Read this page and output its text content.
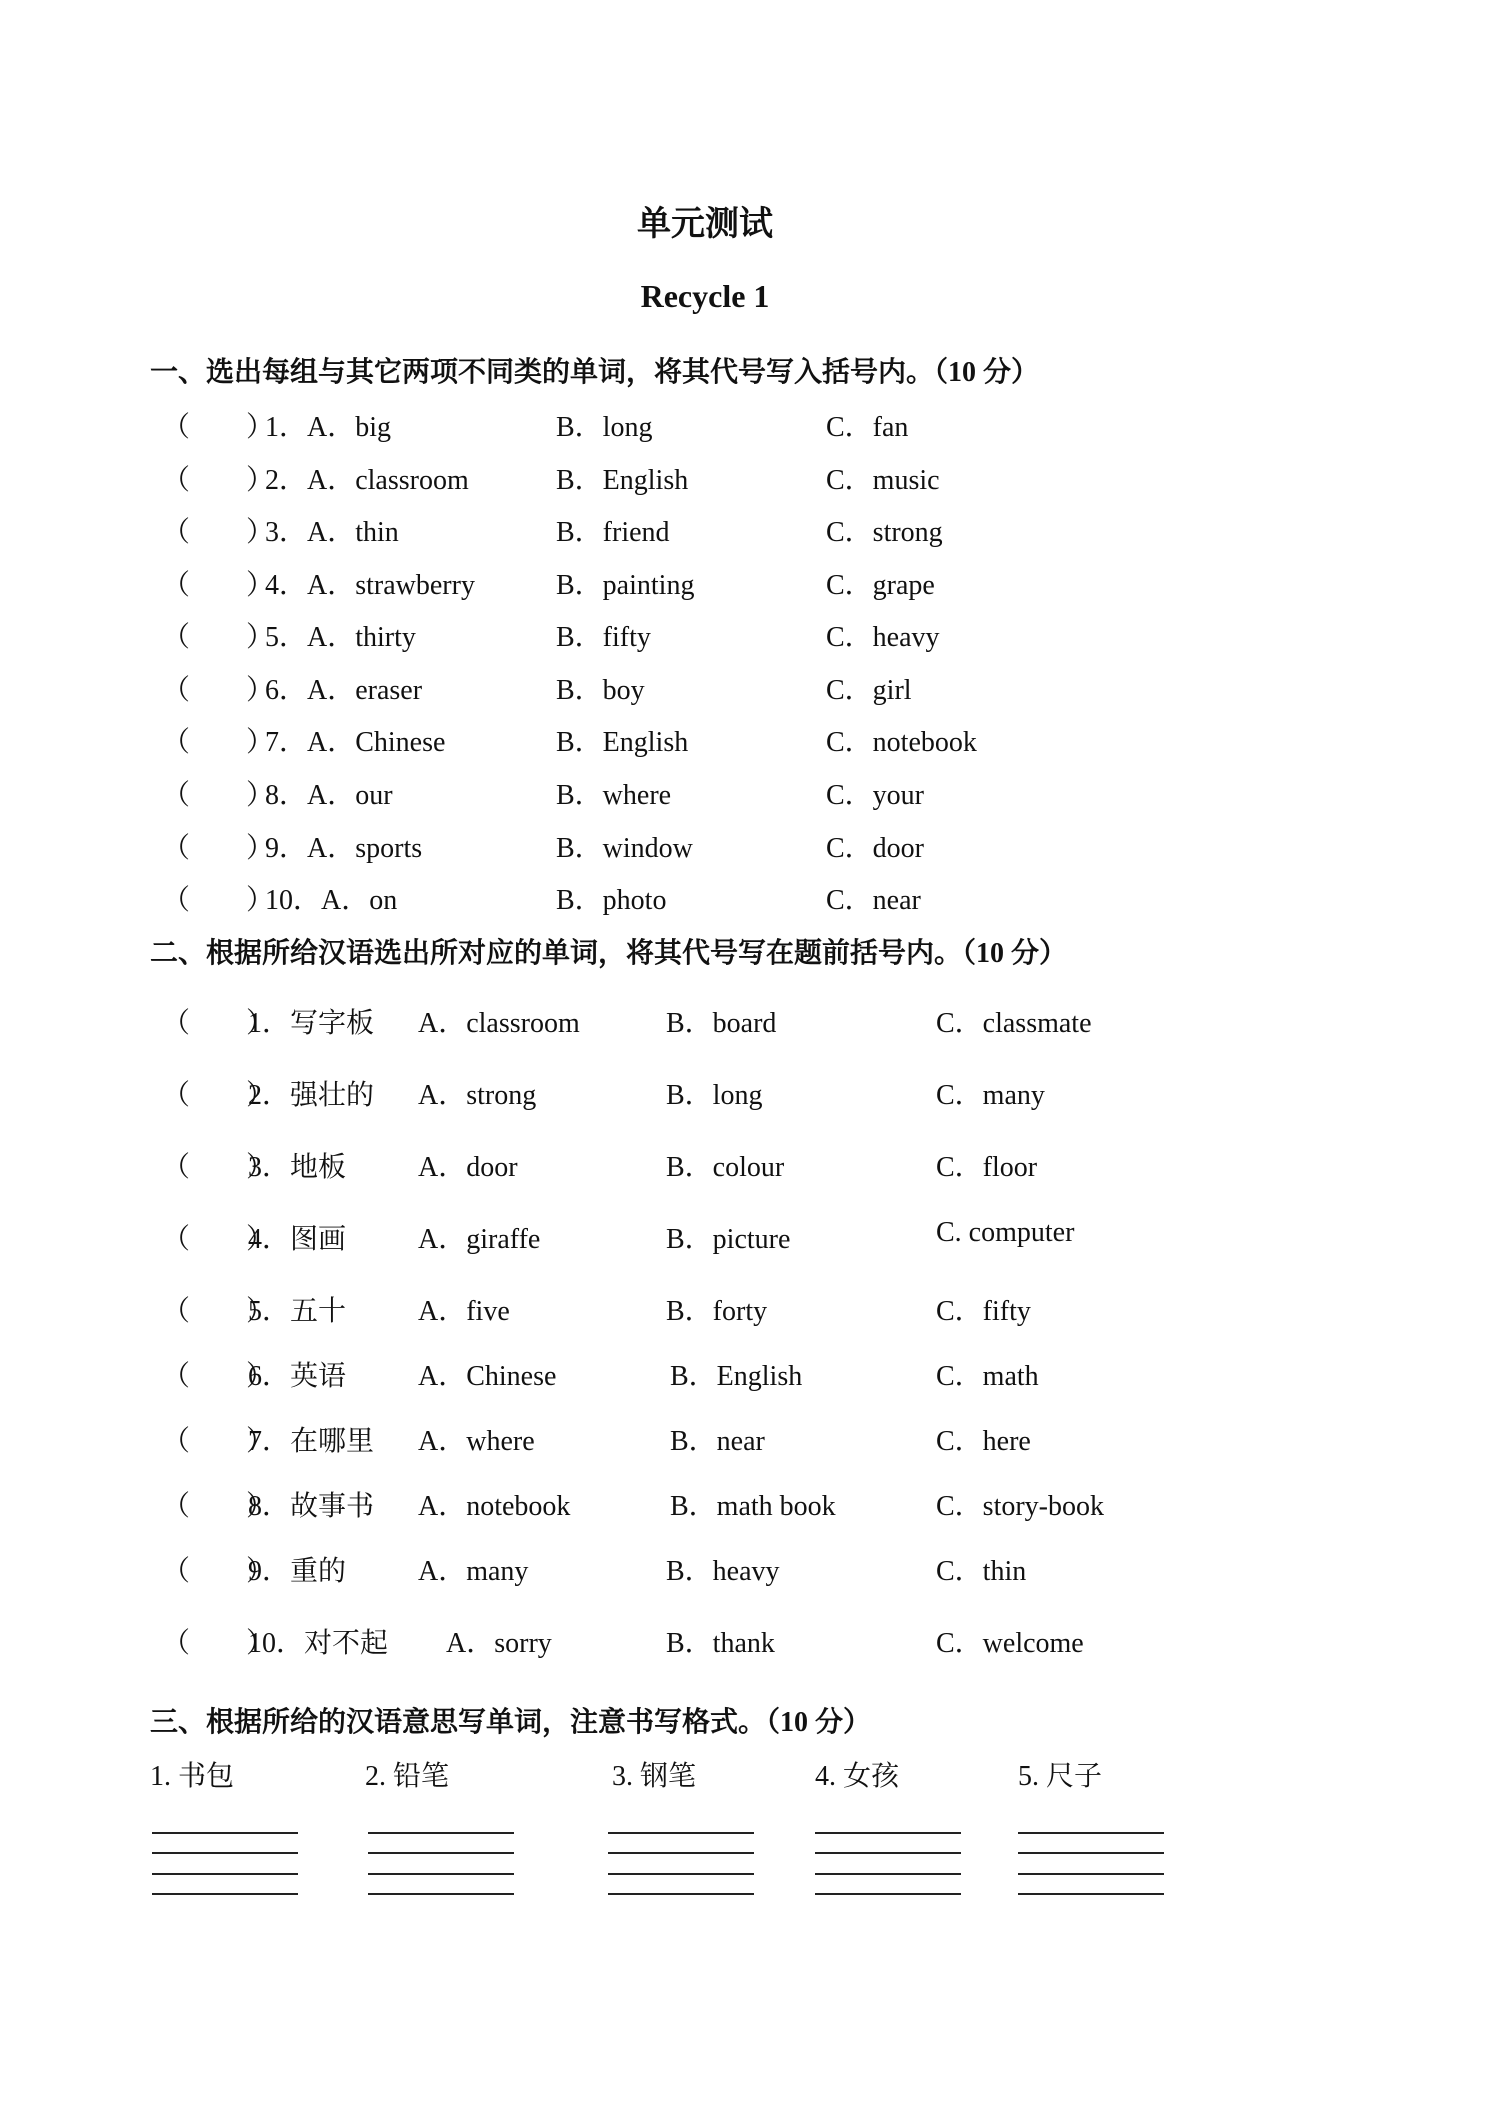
单元测试
Recycle 1
一、选出每组与其它两项不同类的单词，将其代号写入括号内。（10 分）
（　　）
1．A．big	B．long	C．fan
（　　）
2．A．classroom	B．English	C．music
（　　）
3．A．thin	B．friend	C．strong
（　　）
4．A．strawberry	B．painting	C．grape
（　　）
5．A．thirty	B．fifty	C．heavy
（　　）
6．A．eraser	B．boy	C．girl
（　　）
7．A．Chinese	B．English	C．notebook
（　　）
8．A．our	B．where	C．your
（　　）
9．A．sports	B．window	C．door
（　　）
10．A．on	B．photo	C．near
二、根据所给汉语选出所对应的单词，将其代号写在题前括号内。（10 分）
（　　）
1．写字板 A．classroom	B．board	C．classmate
（　　）
2．强壮的 A．strong	B．long	C．many
（　　）
3．地板	A．door	B．colour	C．floor
（　　）
4．图画	A．giraffe	B．picture	C. computer
（　　）
5．五十	A．five	B．forty	C．fifty
（　　）
6．英语	A．Chinese	B．English	C．math
（　　）
7．在哪里 A．where	B．near	C．here
（　　）
8．故事书 A．notebook	B．math book	C．story-book
（　　）
9．重的	A．many	B．heavy	C．thin
（　　）
10．对不起 A．sorry	B．thank	C．welcome
三、根据所给的汉语意思写单词，注意书写格式。（10 分）
1. 书包	2. 铅笔	3. 钢笔	4. 女孩	5. 尺子
